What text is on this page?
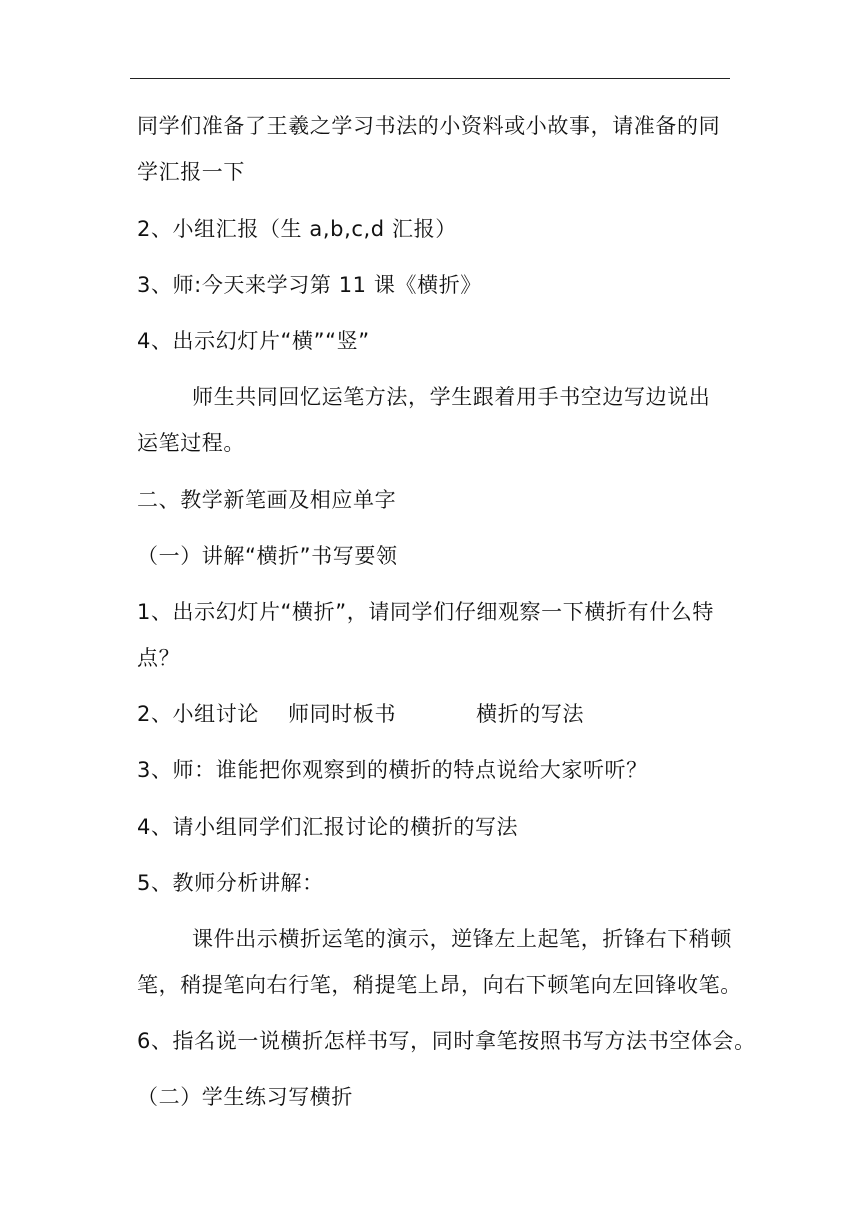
同学们准备了王羲之学习书法的小资料或小故事，请准备的同
学汇报一下
2、小组汇报（生 a,b,c,d 汇报）
3、师:今天来学习第 11 课《横折》
4、出示幻灯片“横”“竖”
师生共同回忆运笔方法，学生跟着用手书空边写边说出
运笔过程。
二、教学新笔画及相应单字
（一）讲解“横折”书写要领
1、出示幻灯片“横折”，请同学们仔细观察一下横折有什么特
点？
2、小组讨论    师同时板书           横折的写法
3、师：谁能把你观察到的横折的特点说给大家听听？
4、请小组同学们汇报讨论的横折的写法
5、教师分析讲解：
课件出示横折运笔的演示，逆锋左上起笔，折锋右下稍顿
笔，稍提笔向右行笔，稍提笔上昂，向右下顿笔向左回锋收笔。
6、指名说一说横折怎样书写，同时拿笔按照书写方法书空体会。
（二）学生练习写横折
